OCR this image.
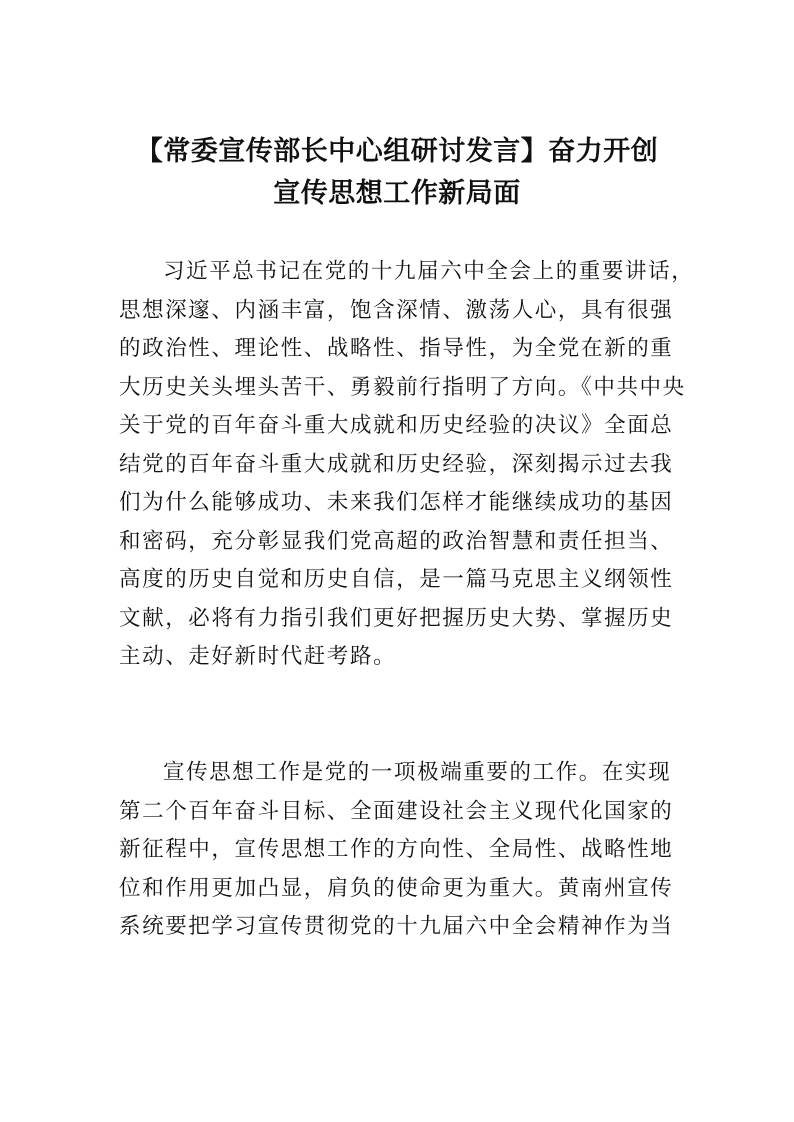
【常委宣传部长中心组研讨发言】奋力开创
宣传思想工作新局面
习近平总书记在党的十九届六中全会上的重要讲话，
思想深邃、内涵丰富，饱含深情、激荡人心，具有很强
的政治性、理论性、战略性、指导性，为全党在新的重
大历史关头埋头苦干、勇毅前行指明了方向。《中共中央
关于党的百年奋斗重大成就和历史经验的决议》全面总
结党的百年奋斗重大成就和历史经验，深刻揭示过去我
们为什么能够成功、未来我们怎样才能继续成功的基因
和密码，充分彰显我们党高超的政治智慧和责任担当、
高度的历史自觉和历史自信，是一篇马克思主义纲领性
文献，必将有力指引我们更好把握历史大势、掌握历史
主动、走好新时代赶考路。
宣传思想工作是党的一项极端重要的工作。在实现
第二个百年奋斗目标、全面建设社会主义现代化国家的
新征程中，宣传思想工作的方向性、全局性、战略性地
位和作用更加凸显，肩负的使命更为重大。黄南州宣传
系统要把学习宣传贯彻党的十九届六中全会精神作为当
